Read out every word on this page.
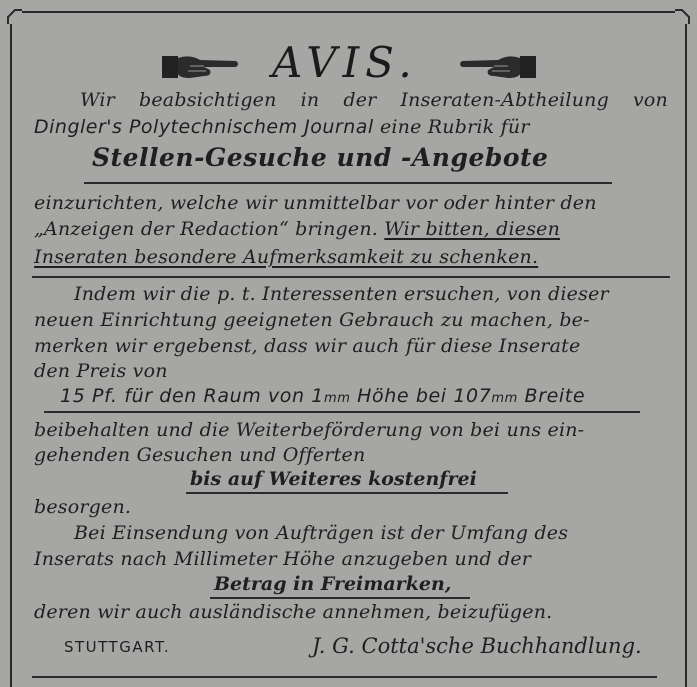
AVIS.
Wir beabsichtigen in der Inseraten-Abtheilung von
Dingler's Polytechnischem Journal eine Rubrik für
Stellen-Gesuche und -Angebote
einzurichten, welche wir unmittelbar vor oder hinter den
„Anzeigen der Redaction“ bringen. Wir bitten, diesen
Inseraten besondere Aufmerksamkeit zu schenken.
Indem wir die p. t. Interessenten ersuchen, von dieser
neuen Einrichtung geeigneten Gebrauch zu machen, be-
merken wir ergebenst, dass wir auch für diese Inserate
den Preis von
15 Pf. für den Raum von 1mm Höhe bei 107mm Breite
beibehalten und die Weiterbeförderung von bei uns ein-
gehenden Gesuchen und Offerten
bis auf Weiteres kostenfrei
besorgen.
Bei Einsendung von Aufträgen ist der Umfang des
Inserats nach Millimeter Höhe anzugeben und der
Betrag in Freimarken,
deren wir auch ausländische annehmen, beizufügen.
STUTTGART.	J. G. Cotta'sche Buchhandlung.
